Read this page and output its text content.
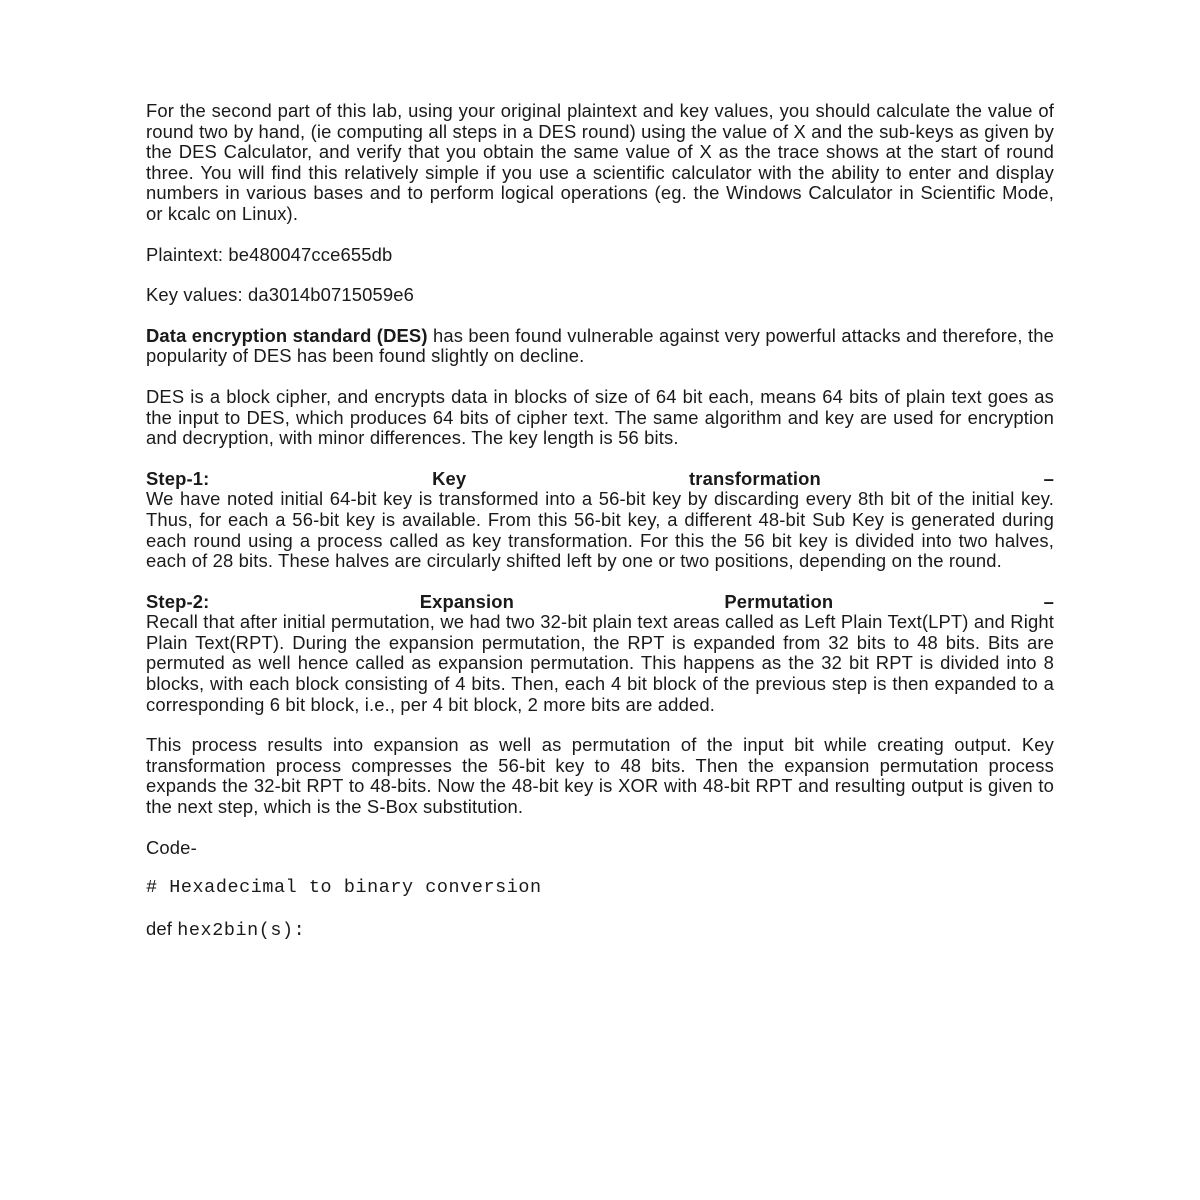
For the second part of this lab, using your original plaintext and key values, you should calculate the value of round two by hand, (ie computing all steps in a DES round) using the value of X and the sub-keys as given by the DES Calculator, and verify that you obtain the same value of X as the trace shows at the start of round three. You will find this relatively simple if you use a scientific calculator with the ability to enter and display numbers in various bases and to perform logical operations (eg. the Windows Calculator in Scientific Mode, or kcalc on Linux).

Plaintext: be480047cce655db

Key values: da3014b0715059e6

Data encryption standard (DES) has been found vulnerable against very powerful attacks and therefore, the popularity of DES has been found slightly on decline.

DES is a block cipher, and encrypts data in blocks of size of 64 bit each, means 64 bits of plain text goes as the input to DES, which produces 64 bits of cipher text. The same algorithm and key are used for encryption and decryption, with minor differences. The key length is 56 bits.

Step-1:	Key	transformation	–

We have noted initial 64-bit key is transformed into a 56-bit key by discarding every 8th bit of the initial key. Thus, for each a 56-bit key is available. From this 56-bit key, a different 48-bit Sub Key is generated during each round using a process called as key transformation. For this the 56 bit key is divided into two halves, each of 28 bits. These halves are circularly shifted left by one or two positions, depending on the round.

Step-2:	Expansion	Permutation	–

Recall that after initial permutation, we had two 32-bit plain text areas called as Left Plain Text(LPT) and Right Plain Text(RPT). During the expansion permutation, the RPT is expanded from 32 bits to 48 bits. Bits are permuted as well hence called as expansion permutation. This happens as the 32 bit RPT is divided into 8 blocks, with each block consisting of 4 bits. Then, each 4 bit block of the previous step is then expanded to a corresponding 6 bit block, i.e., per 4 bit block, 2 more bits are added.

This process results into expansion as well as permutation of the input bit while creating output. Key transformation process compresses the 56-bit key to 48 bits. Then the expansion permutation process expands the 32-bit RPT to 48-bits. Now the 48-bit key is XOR with 48-bit RPT and resulting output is given to the next step, which is the S-Box substitution.

Code-

# Hexadecimal to binary conversion
def hex2bin(s):
